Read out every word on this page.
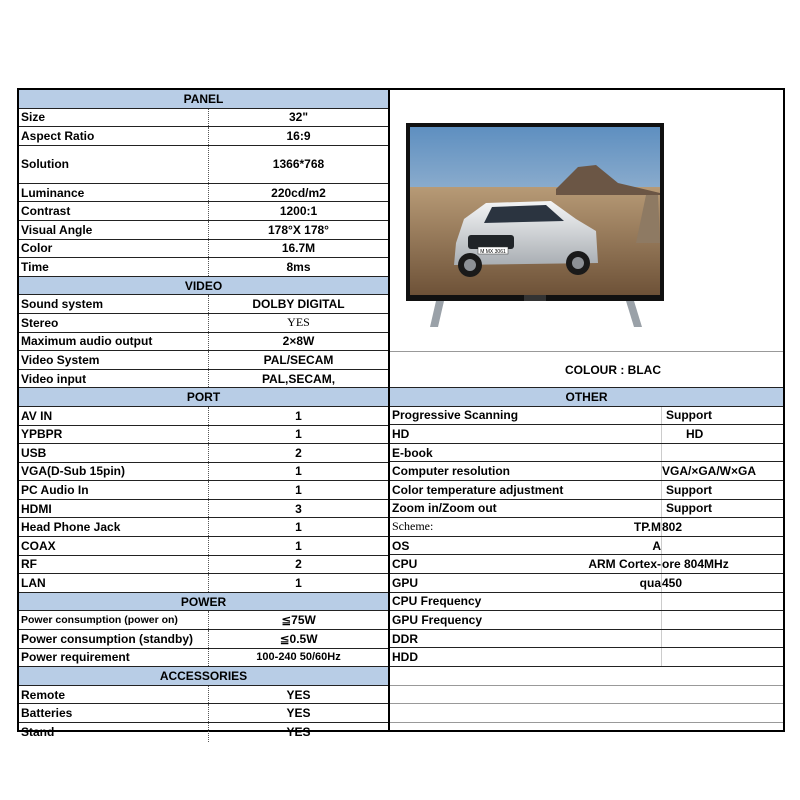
PANEL
Size	32"
Aspect Ratio	16:9
Solution	1366*768
Luminance	220cd/m2
Contrast	1200:1
Visual Angle	178°X 178°
Color	16.7M
Time	8ms
VIDEO
Sound system	DOLBY DIGITAL
Stereo	YES
Maximum audio output	2×8W
Video System	PAL/SECAM
Video input	PAL,SECAM,
PORT
AV IN	1
YPBPR	1
USB	2
VGA(D-Sub 15pin)	1
PC Audio In	1
HDMI	3
Head Phone Jack	1
COAX	1
RF	2
LAN	1
POWER
Power consumption (power on)	≦75W
Power consumption (standby)	≦0.5W
Power requirement	100-240 50/60Hz
ACCESSORIES
Remote	YES
Batteries	YES
Stand	YES
M MX 3061
COLOUR : BLAC
OTHER
Progressive Scanning	Support
HD	HD
E-book
Computer resolution	VGA/×GA/W×GA
Color temperature adjustment	Support
Zoom in/Zoom out	Support
Scheme:	TP.M 802
OS	A
CPU	ARM Cortex- ore 804MHz
GPU	qua 450
CPU Frequency
GPU Frequency
DDR
HDD
